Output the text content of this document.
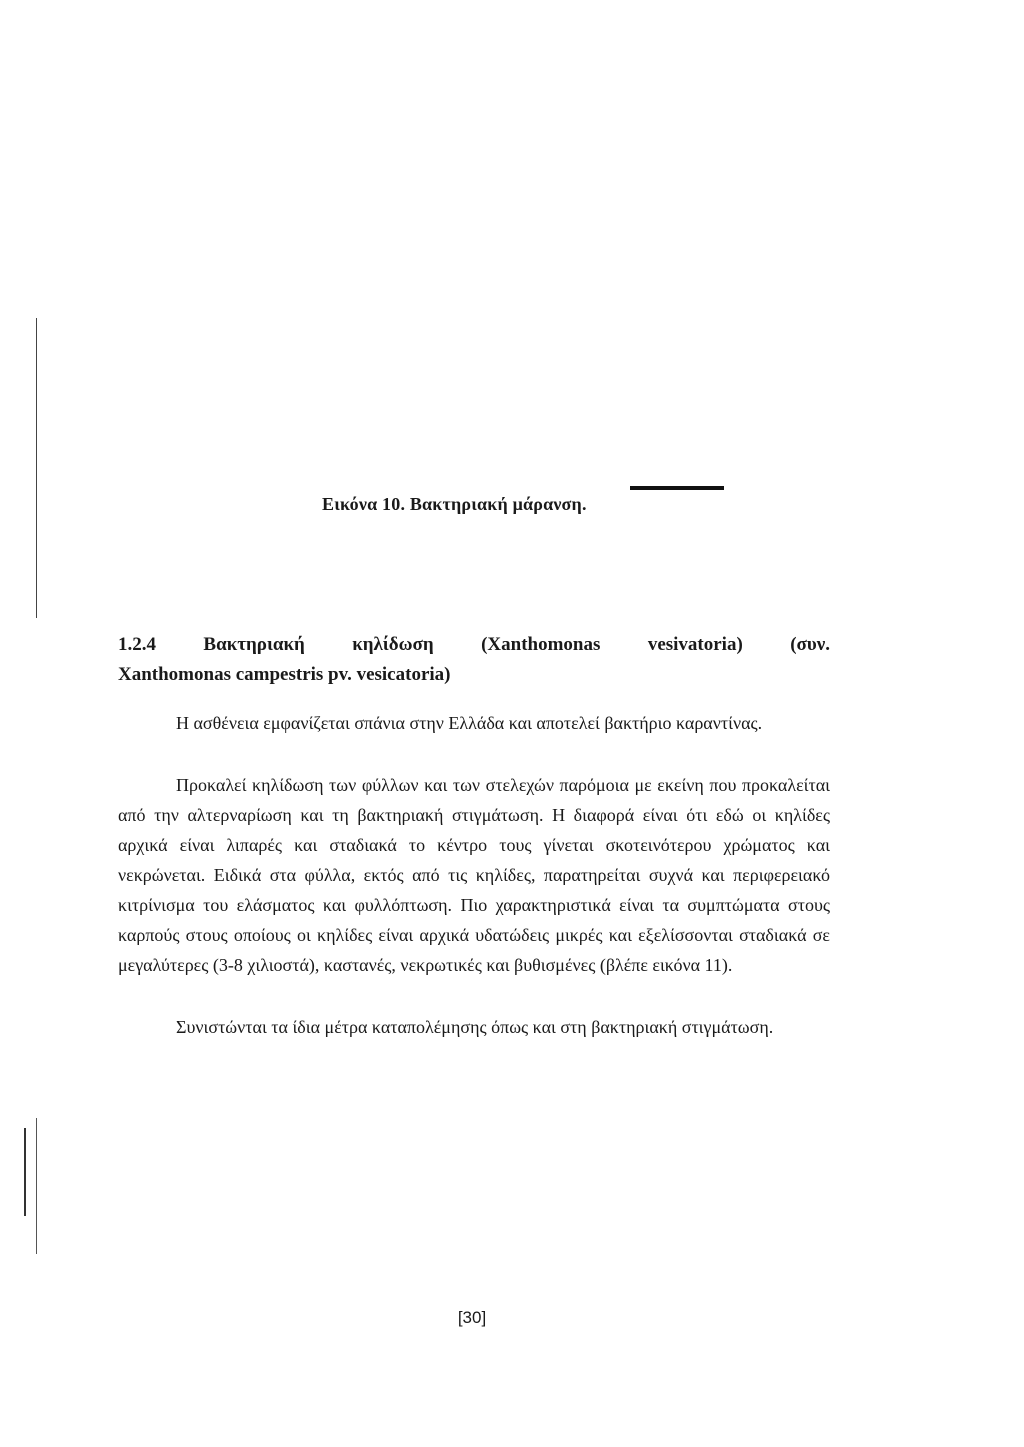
Εικόνα 10. Βακτηριακή μάρανση.
1.2.4 Βακτηριακή κηλίδωση (Xanthomonas vesivatoria) (συν.
Xanthomonas campestris pv. vesicatoria)

Η ασθένεια εμφανίζεται σπάνια στην Ελλάδα και αποτελεί βακτήριο καραντίνας.

Προκαλεί κηλίδωση των φύλλων και των στελεχών παρόμοια με εκείνη που προκαλείται από την αλτερναρίωση και τη βακτηριακή στιγμάτωση. Η διαφορά είναι ότι εδώ οι κηλίδες αρχικά είναι λιπαρές και σταδιακά το κέντρο τους γίνεται σκοτεινότερου χρώματος και νεκρώνεται. Ειδικά στα φύλλα, εκτός από τις κηλίδες, παρατηρείται συχνά και περιφερειακό κιτρίνισμα του ελάσματος και φυλλόπτωση. Πιο χαρακτηριστικά είναι τα συμπτώματα στους καρπούς στους οποίους οι κηλίδες είναι αρχικά υδατώδεις μικρές και εξελίσσονται σταδιακά σε μεγαλύτερες (3-8 χιλιοστά), καστανές, νεκρωτικές και βυθισμένες (βλέπε εικόνα 11).

Συνιστώνται τα ίδια μέτρα καταπολέμησης όπως και στη βακτηριακή στιγμάτωση.

[30]
